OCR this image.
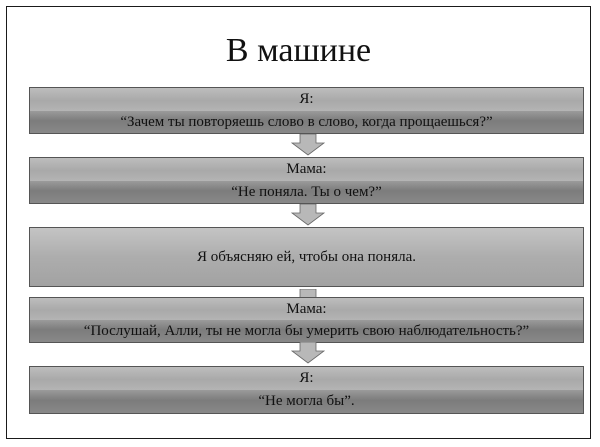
В машине
Я:
“Зачем ты повторяешь слово в слово, когда прощаешься?”
Мама:
“Не поняла. Ты о чем?”
Я объясняю ей, чтобы она поняла.
Мама:
“Послушай, Алли, ты не могла бы умерить свою наблюдательность?”
Я:
“Не могла бы”.
